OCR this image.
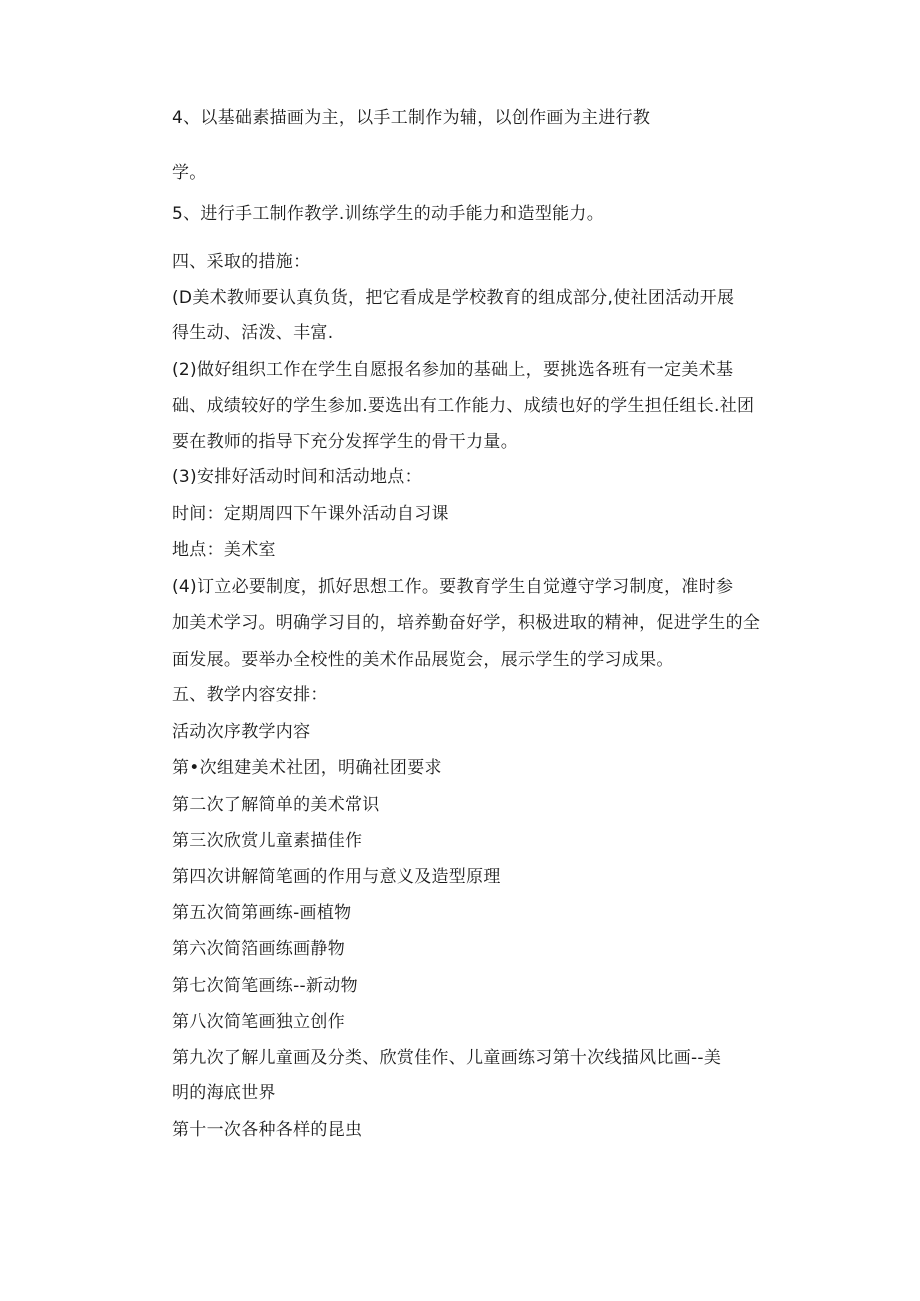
4、以基础素描画为主，以手工制作为辅，以创作画为主进行教
学。
5、进行手工制作教学.训练学生的动手能力和造型能力。
四、采取的措施：
(D美术教师要认真负货，把它看成是学校教育的组成部分,使社团活动开展
得生动、活泼、丰富.
(2)做好组织工作在学生自愿报名参加的基础上，要挑选各班有一定美术基
础、成绩较好的学生参加.要选出有工作能力、成绩也好的学生担任组长.社团
要在教师的指导下充分发挥学生的骨干力量。
(3)安排好活动时间和活动地点：
时间：定期周四下午课外活动自习课
地点：美术室
(4)订立必要制度，抓好思想工作。要教育学生自觉遵守学习制度，准时参
加美术学习。明确学习目的，培养勤奋好学，积极进取的精神，促进学生的全
面发展。要举办全校性的美术作品展览会，展示学生的学习成果。
五、教学内容安排：
活动次序教学内容
第•次组建美术社团，明确社团要求
第二次了解简单的美术常识
第三次欣赏儿童素描佳作
第四次讲解简笔画的作用与意义及造型原理
第五次简第画练-画植物
第六次简箔画练画静物
第七次简笔画练--新动物
第八次简笔画独立创作
第九次了解儿童画及分类、欣赏佳作、儿童画练习第十次线描风比画--美
明的海底世界
第十一次各种各样的昆虫
